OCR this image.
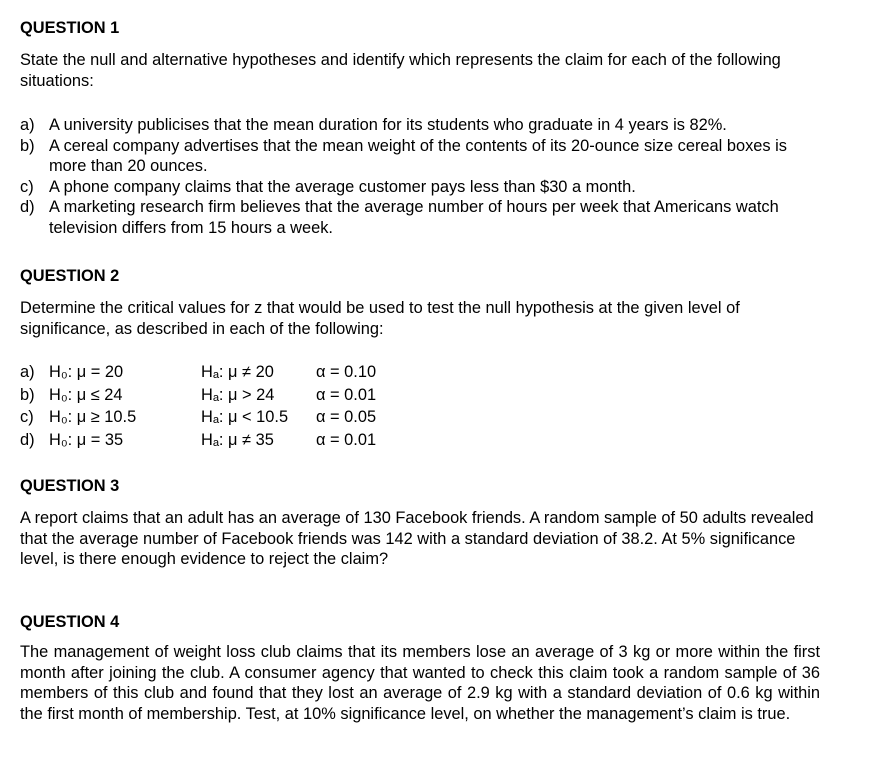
QUESTION 1
State the null and alternative hypotheses and identify which represents the claim for each of the following situations:
a) A university publicises that the mean duration for its students who graduate in 4 years is 82%.
b) A cereal company advertises that the mean weight of the contents of its 20-ounce size cereal boxes is more than 20 ounces.
c) A phone company claims that the average customer pays less than $30 a month.
d) A marketing research firm believes that the average number of hours per week that Americans watch television differs from 15 hours a week.
QUESTION 2
Determine the critical values for z that would be used to test the null hypothesis at the given level of significance, as described in each of the following:
a) H₀: μ = 20	Hₐ: μ ≠ 20	α = 0.10
b) H₀: μ ≤ 24	Hₐ: μ > 24	α = 0.01
c) H₀: μ ≥ 10.5	Hₐ: μ < 10.5 α = 0.05
d) H₀: μ = 35	Hₐ: μ ≠ 35	α = 0.01
QUESTION 3
A report claims that an adult has an average of 130 Facebook friends. A random sample of 50 adults revealed that the average number of Facebook friends was 142 with a standard deviation of 38.2. At 5% significance level, is there enough evidence to reject the claim?
QUESTION 4
The management of weight loss club claims that its members lose an average of 3 kg or more within the first month after joining the club. A consumer agency that wanted to check this claim took a random sample of 36 members of this club and found that they lost an average of 2.9 kg with a standard deviation of 0.6 kg within the first month of membership. Test, at 10% significance level, on whether the management’s claim is true.
